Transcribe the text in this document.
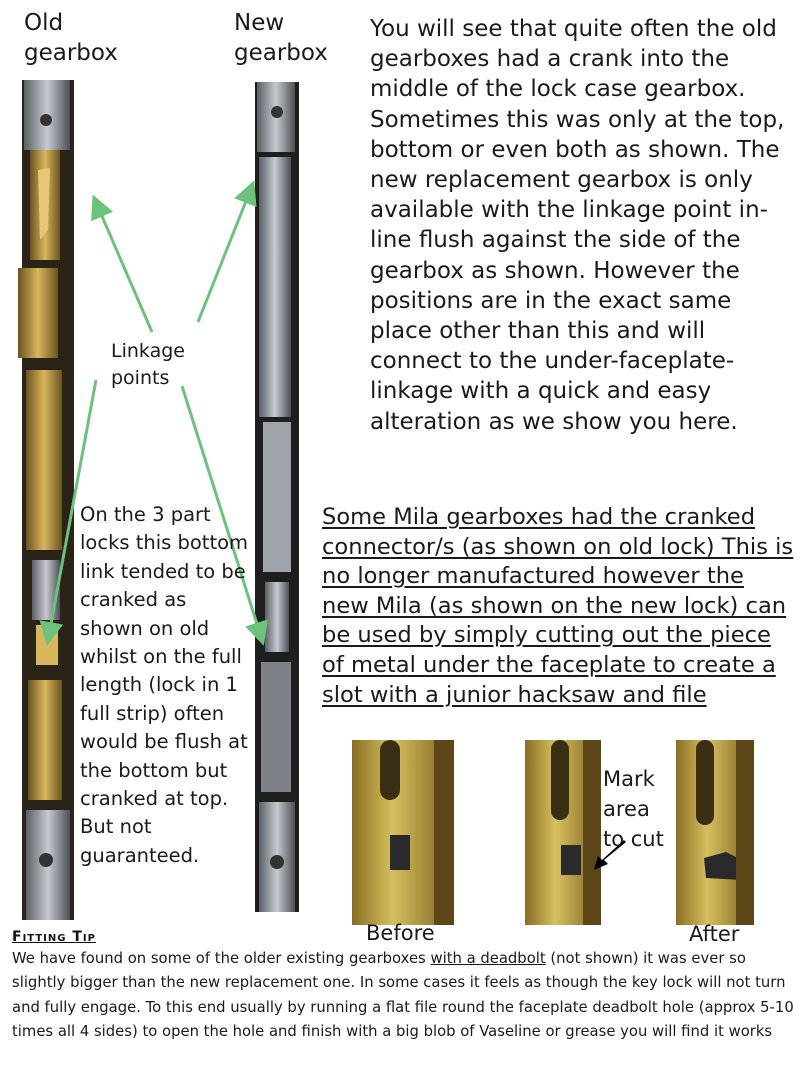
Old
gearbox
New
gearbox
Linkage
points
You will see that quite often the old gearboxes had a crank into the middle of the lock case gearbox. Sometimes this was only at the top, bottom or even both as shown. The new replacement gearbox is only available with the linkage point in-line flush against the side of the gearbox as shown. However the positions are in the exact same place other than this and will connect to the under-faceplate- linkage with a quick and easy alteration as we show you here.
On the 3 part locks this bottom link tended to be cranked as shown on old whilst on the full length (lock in 1 full strip) often would be flush at the bottom but cranked at top. But not guaranteed.
Some Mila gearboxes had the cranked connector/s (as shown on old lock) This is no longer manufactured however the new Mila (as shown on the new lock) can be used by simply cutting out the piece of metal under the faceplate to create a slot with a junior hacksaw and file
Before
Mark
area
to cut
After
Fitting Tip
We have found on some of the older existing gearboxes with a deadbolt (not shown) it was ever so slightly bigger than the new replacement one. In some cases it feels as though the key lock will not turn and fully engage. To this end usually by running a flat file round the faceplate deadbolt hole (approx 5-10 times all 4 sides) to open the hole and finish with a big blob of Vaseline or grease you will find it works
